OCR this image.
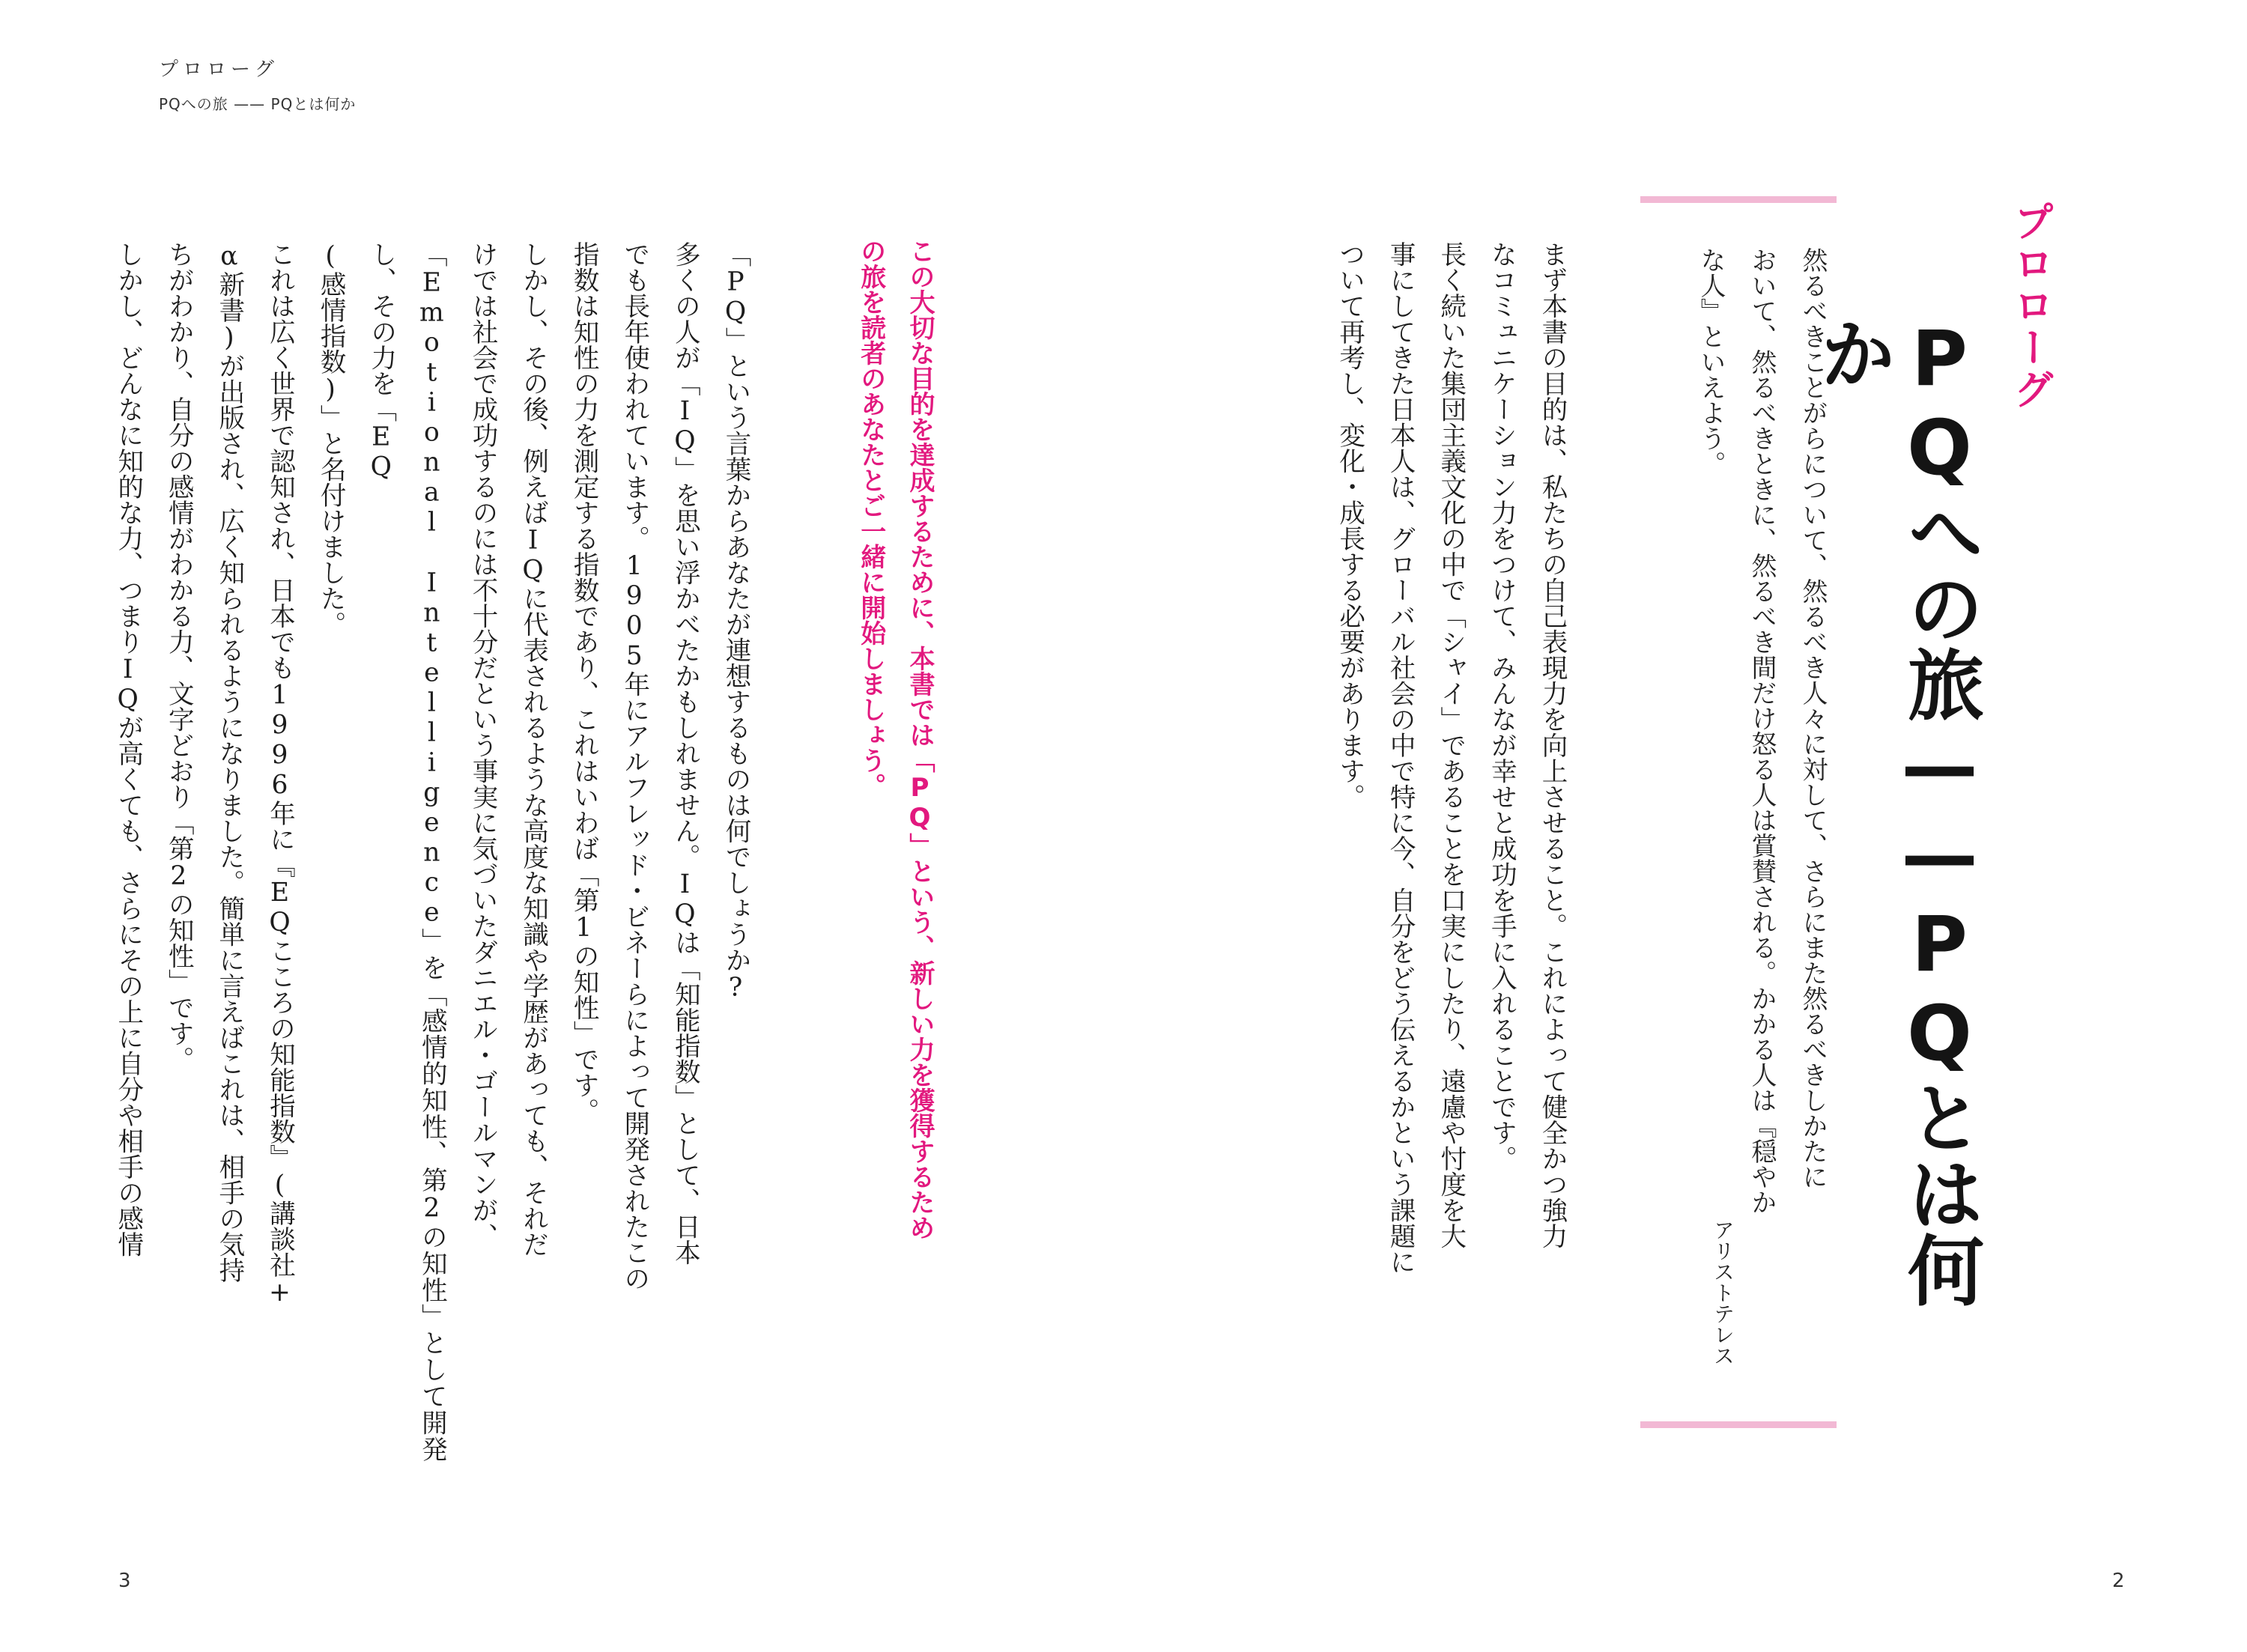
プロローグ
PQへの旅 —— PQとは何か
プロローグ
PQへの旅——PQとは何か
然るべきことがらについて、然るべき人々に対して、さらにまた然るべきしかたに
おいて、然るべきときに、然るべき間だけ怒る人は賞賛される。かかる人は『穏やか
な人』といえよう。
アリストテレス
まず本書の目的は、私たちの自己表現力を向上させること。これによって健全かつ強力
なコミュニケーション力をつけて、みんなが幸せと成功を手に入れることです。
長く続いた集団主義文化の中で「シャイ」であることを口実にしたり、遠慮や忖度を大
事にしてきた日本人は、グローバル社会の中で特に今、自分をどう伝えるかという課題に
ついて再考し、変化・成長する必要があります。
この大切な目的を達成するために、本書では「PQ」という、新しい力を獲得するため
の旅を読者のあなたとご一緒に開始しましょう。
「PQ」という言葉からあなたが連想するものは何でしょうか?
多くの人が「IQ」を思い浮かべたかもしれません。IQは「知能指数」として、日本
でも長年使われています。1905年にアルフレッド・ビネーらによって開発されたこの
指数は知性の力を測定する指数であり、これはいわば「第1の知性」です。
しかし、その後、例えばIQに代表されるような高度な知識や学歴があっても、それだ
けでは社会で成功するのには不十分だという事実に気づいたダニエル・ゴールマンが、
「Emotional Intelligence」を「感情的知性、第2の知性」として開発し、その力を「EQ
(感情指数)」と名付けました。
これは広く世界で認知され、日本でも1996年に『EQこころの知能指数』(講談社+
α新書)が出版され、広く知られるようになりました。簡単に言えばこれは、相手の気持
ちがわかり、自分の感情がわかる力、文字どおり「第2の知性」です。
しかし、どんなに知的な力、つまりIQが高くても、さらにその上に自分や相手の感情
3	2
